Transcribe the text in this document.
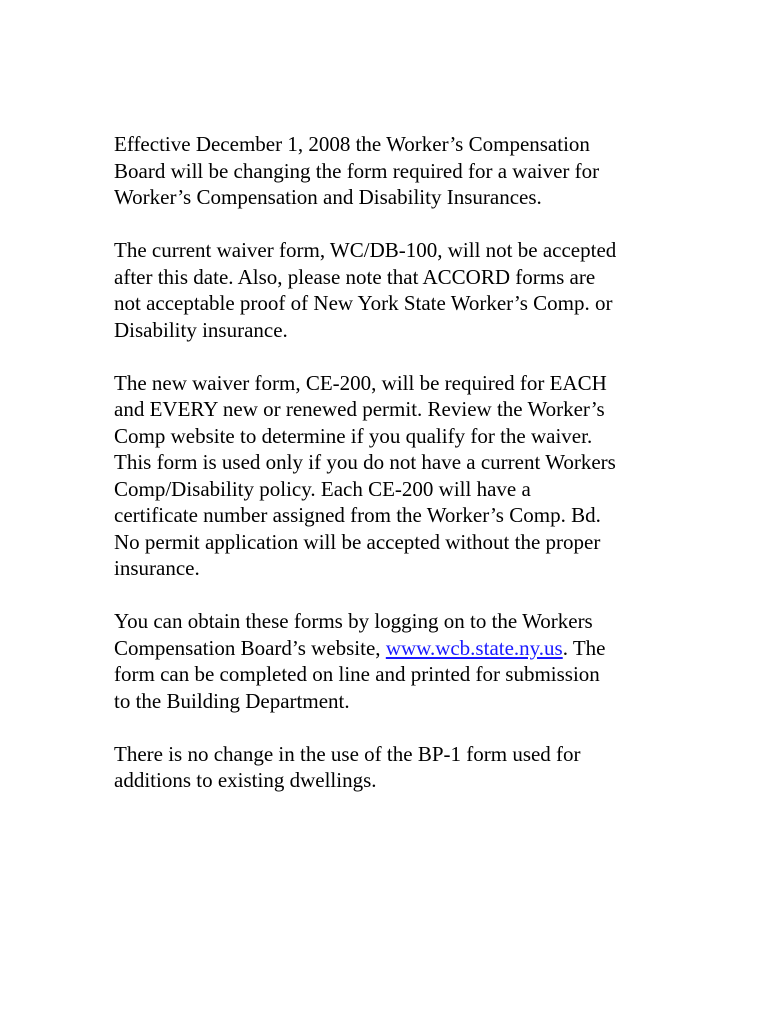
Effective December 1, 2008 the Worker’s Compensation
Board will be changing the form required for a waiver for
Worker’s Compensation and Disability Insurances.

The current waiver form, WC/DB-100, will not be accepted
after this date. Also, please note that ACCORD forms are
not acceptable proof of New York State Worker’s Comp. or
Disability insurance.

The new waiver form, CE-200, will be required for EACH
and EVERY new or renewed permit. Review the Worker’s
Comp website to determine if you qualify for the waiver.
This form is used only if you do not have a current Workers
Comp/Disability policy. Each CE-200 will have a
certificate number assigned from the Worker’s Comp. Bd.
No permit application will be accepted without the proper
insurance.

You can obtain these forms by logging on to the Workers
Compensation Board’s website, www.wcb.state.ny.us. The
form can be completed on line and printed for submission
to the Building Department.

There is no change in the use of the BP-1 form used for
additions to existing dwellings.
